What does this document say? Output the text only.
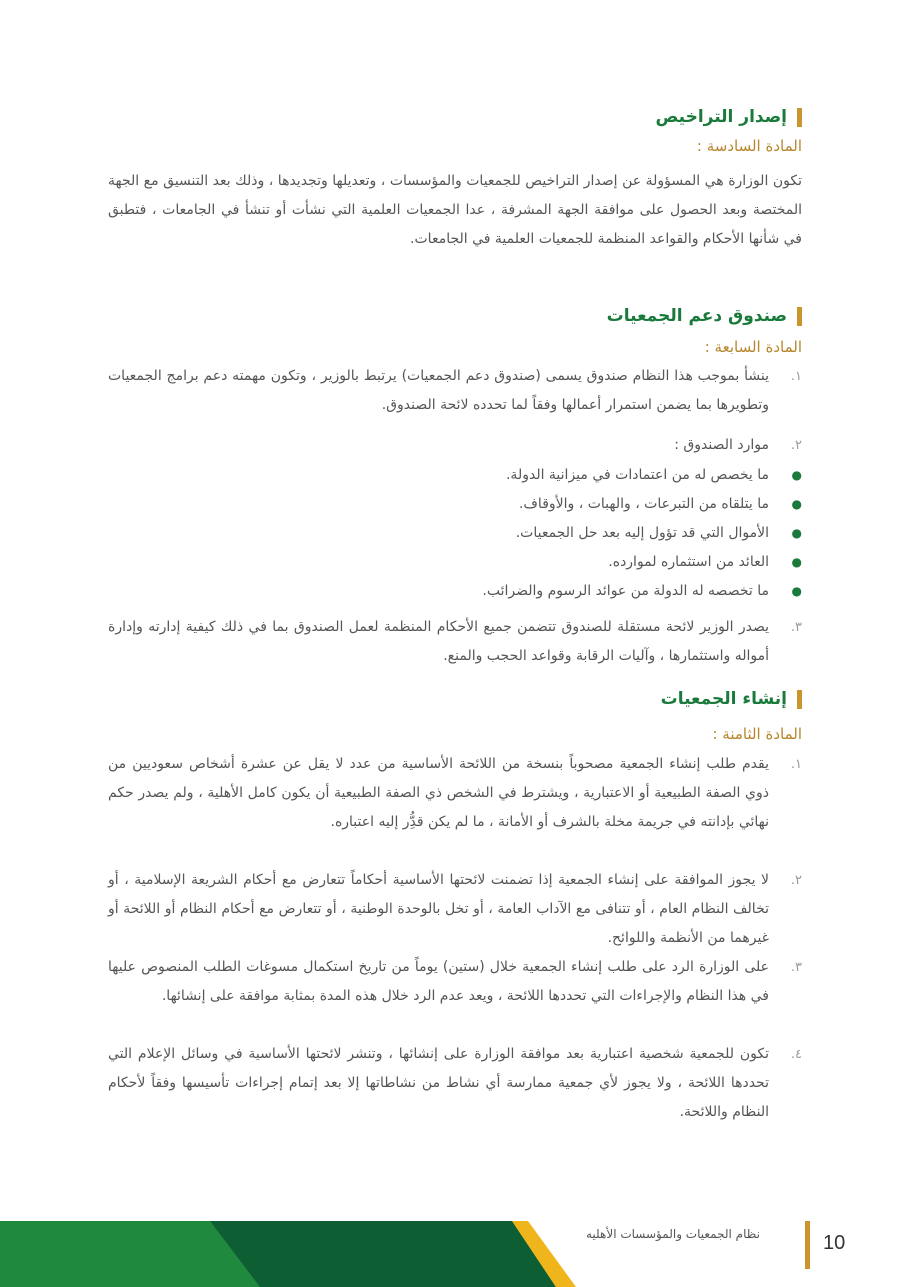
إصدار التراخيص
المادة السادسة :
تكون الوزارة هي المسؤولة عن إصدار التراخيص للجمعيات والمؤسسات ، وتعديلها وتجديدها ، وذلك بعد التنسيق مع الجهة المختصة وبعد الحصول على موافقة الجهة المشرفة ، عدا الجمعيات العلمية التي نشأت أو تنشأ في الجامعات ، فتطبق في شأنها الأحكام والقواعد المنظمة للجمعيات العلمية في الجامعات.
صندوق دعم الجمعيات
المادة السابعة :
١.
ينشأ بموجب هذا النظام صندوق يسمى (صندوق دعم الجمعيات) يرتبط بالوزير ، وتكون مهمته دعم برامج الجمعيات وتطويرها بما يضمن استمرار أعمالها وفقاً لما تحدده لائحة الصندوق.
٢.
موارد الصندوق :
●
ما يخصص له من اعتمادات في ميزانية الدولة.
●
ما يتلقاه من التبرعات ، والهبات ، والأوقاف.
●
الأموال التي قد تؤول إليه بعد حل الجمعيات.
●
العائد من استثماره لموارده.
●
ما تخصصه له الدولة من عوائد الرسوم والضرائب.
٣.
يصدر الوزير لائحة مستقلة للصندوق تتضمن جميع الأحكام المنظمة لعمل الصندوق بما في ذلك كيفية إدارته وإدارة أمواله واستثمارها ، وآليات الرقابة وقواعد الحجب والمنع.
إنشاء الجمعيات
المادة الثامنة :
١.
يقدم طلب إنشاء الجمعية مصحوباً بنسخة من اللائحة الأساسية من عدد لا يقل عن عشرة أشخاص سعوديين من ذوي الصفة الطبيعية أو الاعتبارية ، ويشترط في الشخص ذي الصفة الطبيعية أن يكون كامل الأهلية ، ولم يصدر حكم نهائي بإدانته في جريمة مخلة بالشرف أو الأمانة ، ما لم يكن قدُِّر إليه اعتباره.
٢.
لا يجوز الموافقة على إنشاء الجمعية إذا تضمنت لائحتها الأساسية أحكاماً تتعارض مع أحكام الشريعة الإسلامية ، أو تخالف النظام العام ، أو تتنافى مع الآداب العامة ، أو تخل بالوحدة الوطنية ، أو تتعارض مع أحكام النظام أو اللائحة أو غيرهما من الأنظمة واللوائح.
٣.
على الوزارة الرد على طلب إنشاء الجمعية خلال (ستين) يوماً من تاريخ استكمال مسوغات الطلب المنصوص عليها في هذا النظام والإجراءات التي تحددها اللائحة ، ويعد عدم الرد خلال هذه المدة بمثابة موافقة على إنشائها.
٤.
تكون للجمعية شخصية اعتبارية بعد موافقة الوزارة على إنشائها ، وتنشر لائحتها الأساسية في وسائل الإعلام التي تحددها اللائحة ، ولا يجوز لأي جمعية ممارسة أي نشاط من نشاطاتها إلا بعد إتمام إجراءات تأسيسها وفقاً لأحكام النظام واللائحة.
نظام الجمعيات والمؤسسات الأهليه	10
